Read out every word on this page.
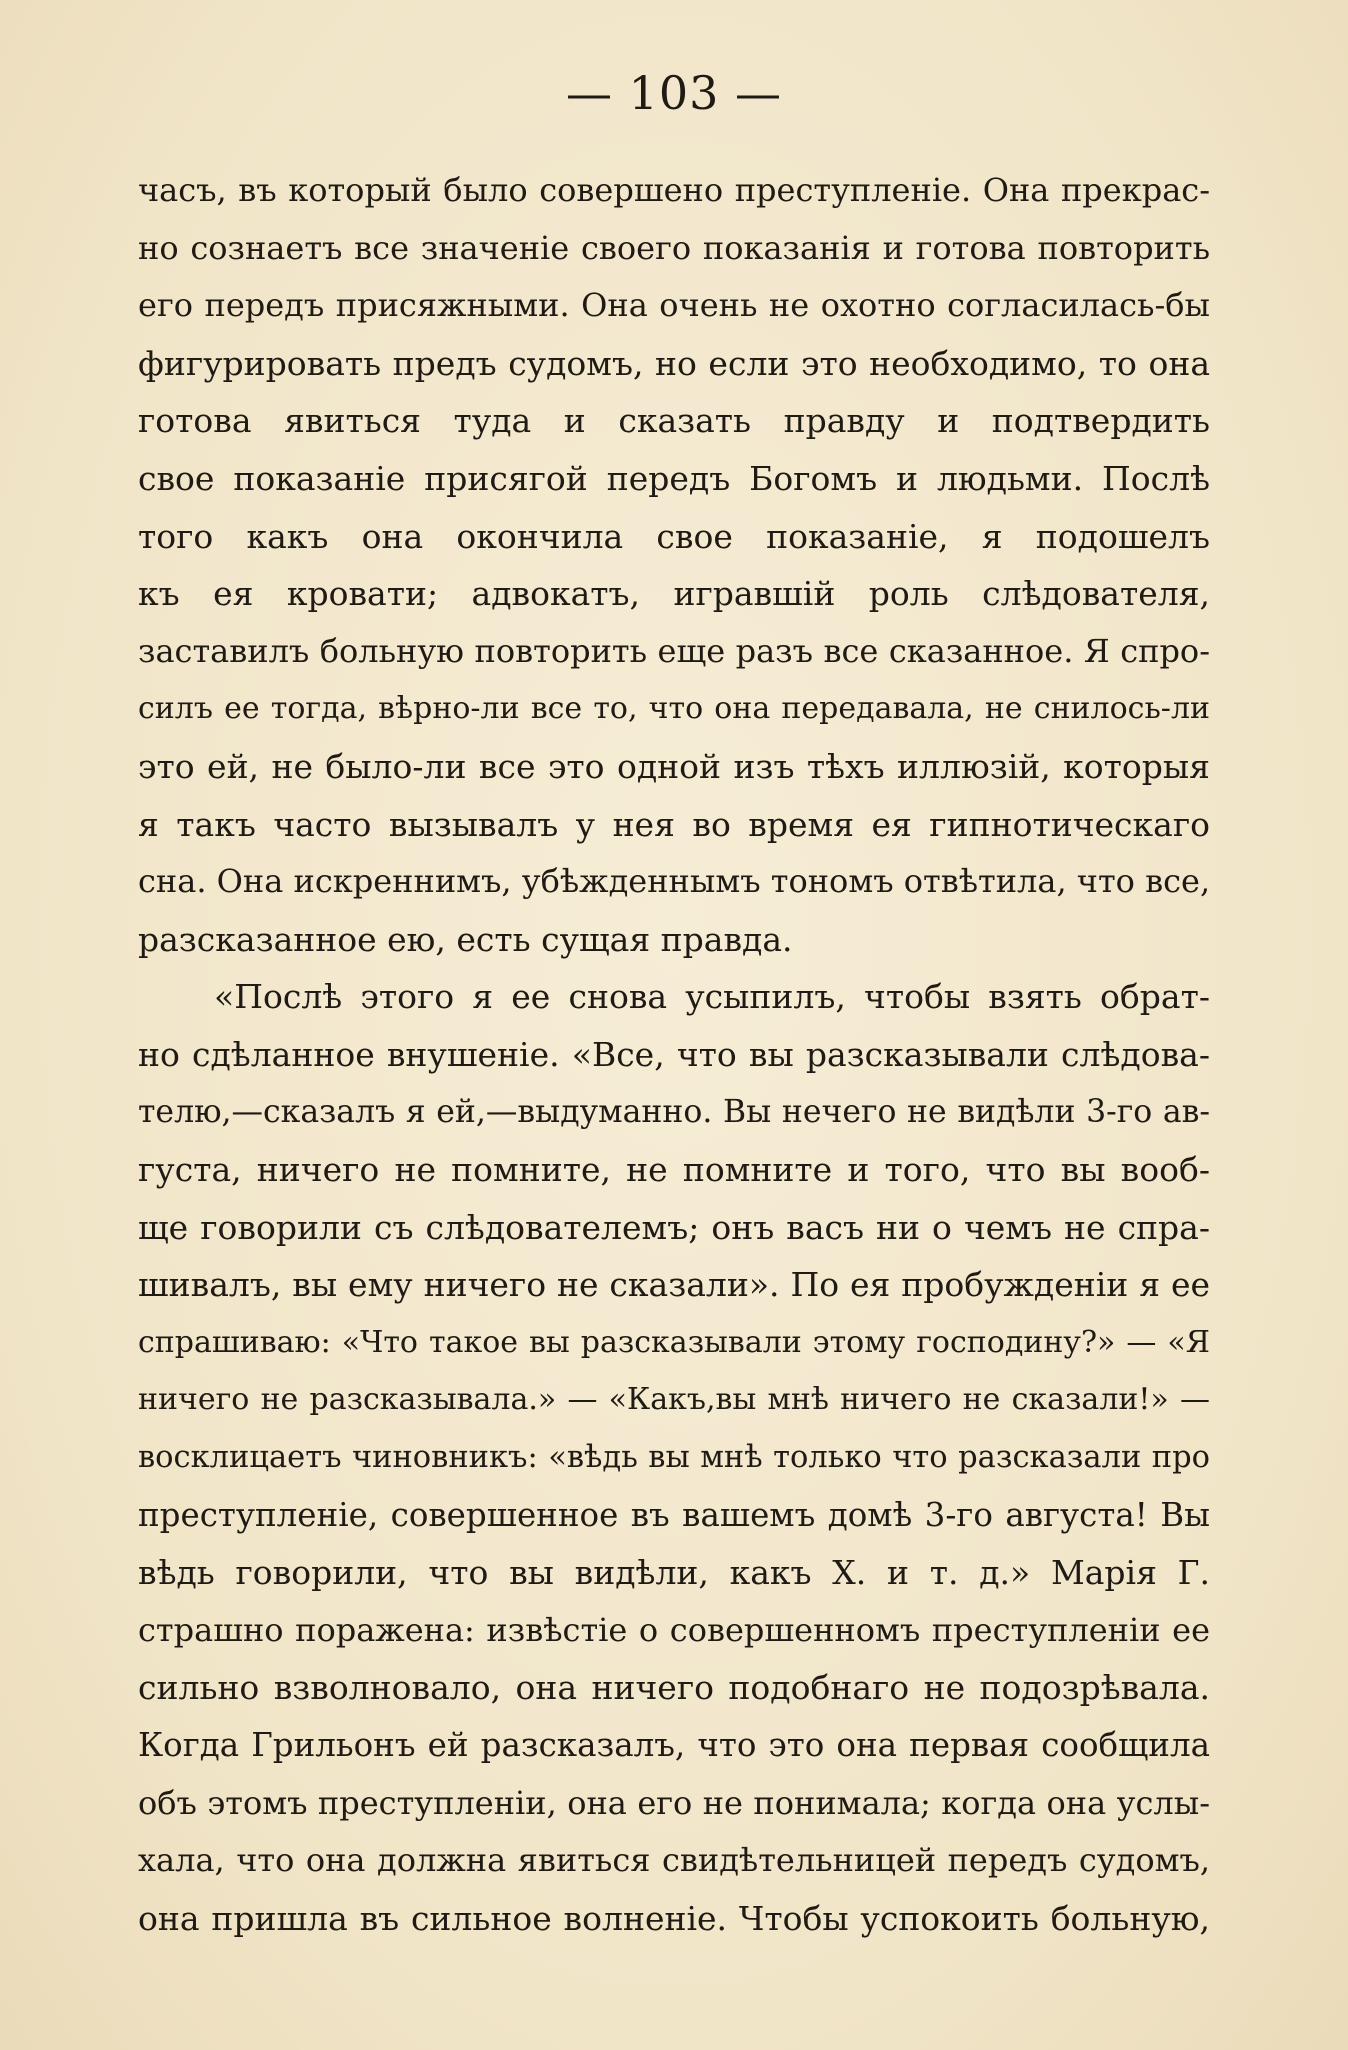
— 103 —
часъ, въ который было совершено преступленіе. Она прекрас-
но сознаетъ все значеніе своего показанія и готова повторить
его передъ присяжными. Она очень не охотно согласилась-бы
фигурировать предъ судомъ, но если это необходимо, то она
готова явиться туда и сказать правду и подтвердить
свое показаніе присягой передъ Богомъ и людьми. Послѣ
того какъ она окончила свое показаніе, я подошелъ
къ ея кровати; адвокатъ, игравшій роль слѣдователя,
заставилъ больную повторить еще разъ все сказанное. Я спро-
силъ ее тогда, вѣрно-ли все то, что она передавала, не снилось-ли
это ей, не было-ли все это одной изъ тѣхъ иллюзій, которыя
я такъ часто вызывалъ у нея во время ея гипнотическаго
сна. Она искреннимъ, убѣжденнымъ тономъ отвѣтила, что все,
разсказанное ею, есть сущая правда.
«Послѣ этого я ее снова усыпилъ, чтобы взять обрат-
но сдѣланное внушеніе. «Все, что вы разсказывали слѣдова-
телю,—сказалъ я ей,—выдуманно. Вы нечего не видѣли 3-го ав-
густа, ничего не помните, не помните и того, что вы вооб-
ще говорили съ слѣдователемъ; онъ васъ ни о чемъ не спра-
шивалъ, вы ему ничего не сказали». По ея пробужденіи я ее
спрашиваю: «Что такое вы разсказывали этому господину?» — «Я
ничего не разсказывала.» — «Какъ,вы мнѣ ничего не сказали!» —
восклицаетъ чиновникъ: «вѣдь вы мнѣ только что разсказали про
преступленіе, совершенное въ вашемъ домѣ 3-го августа! Вы
вѣдь говорили, что вы видѣли, какъ X. и т. д.» Марія Г.
страшно поражена: извѣстіе о совершенномъ преступленіи ее
сильно взволновало, она ничего подобнаго не подозрѣвала.
Когда Грильонъ ей разсказалъ, что это она первая сообщила
объ этомъ преступленіи, она его не понимала; когда она услы-
хала, что она должна явиться свидѣтельницей передъ судомъ,
она пришла въ сильное волненіе. Чтобы успокоить больную,
